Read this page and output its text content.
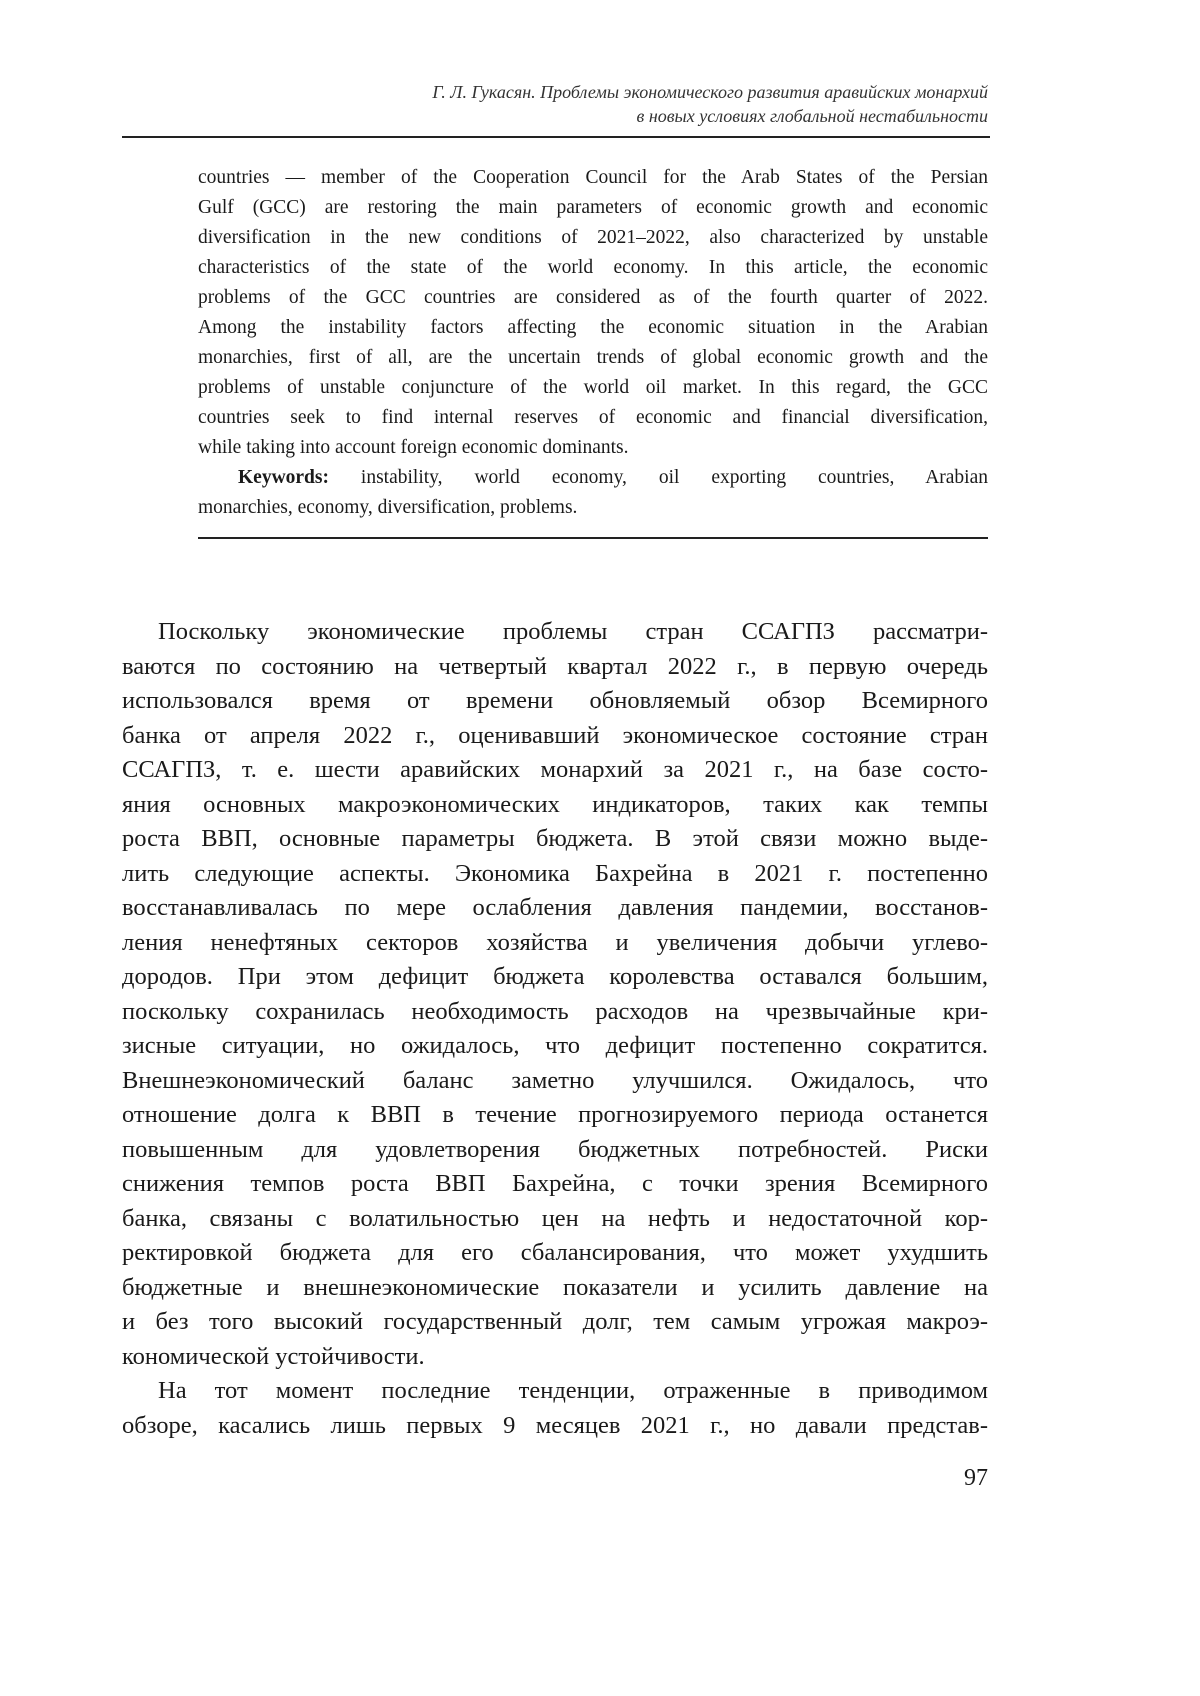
Г. Л. Гукасян. Проблемы экономического развития аравийских монархий
в новых условиях глобальной нестабильности
countries — member of the Cooperation Council for the Arab States of the Persian
Gulf (GCC) are restoring the main parameters of economic growth and economic
diversification in the new conditions of 2021–2022, also characterized by unstable
characteristics of the state of the world economy. In this article, the economic
problems of the GCC countries are considered as of the fourth quarter of 2022.
Among the instability factors affecting the economic situation in the Arabian
monarchies, first of all, are the uncertain trends of global economic growth and the
problems of unstable conjuncture of the world oil market. In this regard, the GCC
countries seek to find internal reserves of economic and financial diversification,
while taking into account foreign economic dominants.
Keywords: instability, world economy, oil exporting countries, Arabian
monarchies, economy, diversification, problems.
Поскольку экономические проблемы стран ССАГПЗ рассматри-
ваются по состоянию на четвертый квартал 2022 г., в первую очередь
использовался время от времени обновляемый обзор Всемирного
банка от апреля 2022 г., оценивавший экономическое состояние стран
ССАГПЗ, т. е. шести аравийских монархий за 2021 г., на базе состо-
яния основных макроэкономических индикаторов, таких как темпы
роста ВВП, основные параметры бюджета. В этой связи можно выде-
лить следующие аспекты. Экономика Бахрейна в 2021 г. постепенно
восстанавливалась по мере ослабления давления пандемии, восстанов-
ления ненефтяных секторов хозяйства и увеличения добычи углево-
дородов. При этом дефицит бюджета королевства оставался большим,
поскольку сохранилась необходимость расходов на чрезвычайные кри-
зисные ситуации, но ожидалось, что дефицит постепенно сократится.
Внешнеэкономический баланс заметно улучшился. Ожидалось, что
отношение долга к ВВП в течение прогнозируемого периода останется
повышенным для удовлетворения бюджетных потребностей. Риски
снижения темпов роста ВВП Бахрейна, с точки зрения Всемирного
банка, связаны с волатильностью цен на нефть и недостаточной кор-
ректировкой бюджета для его сбалансирования, что может ухудшить
бюджетные и внешнеэкономические показатели и усилить давление на
и без того высокий государственный долг, тем самым угрожая макроэ-
кономической устойчивости.
На тот момент последние тенденции, отраженные в приводимом
обзоре, касались лишь первых 9 месяцев 2021 г., но давали представ-
97
